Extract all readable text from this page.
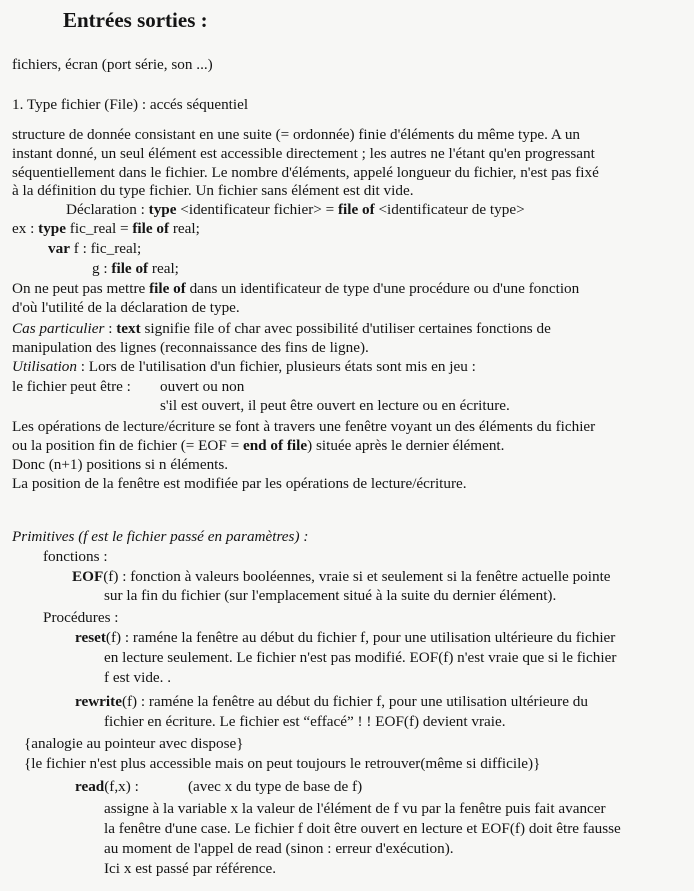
Entrées sorties :
fichiers, écran (port série, son ...)
1. Type fichier (File) : accés séquentiel
structure de donnée consistant en une suite (= ordonnée) finie d'éléments du même type. A un
instant donné, un seul élément est accessible directement ; les autres ne l'étant qu'en progressant
séquentiellement dans le fichier. Le nombre d'éléments, appelé longueur du fichier, n'est pas fixé
à la définition du type fichier. Un fichier sans élément est dit vide.
Déclaration : type <identificateur fichier> = file of <identificateur de type>
ex : type fic_real = file of real;
var f : fic_real;
g : file of real;
On ne peut pas mettre file of dans un identificateur de type d'une procédure ou d'une fonction
d'où l'utilité de la déclaration de type.
Cas particulier : text signifie file of char avec possibilité d'utiliser certaines fonctions de
manipulation des lignes (reconnaissance des fins de ligne).
Utilisation : Lors de l'utilisation d'un fichier, plusieurs états sont mis en jeu :
le fichier peut être : ouvert ou non
s'il est ouvert, il peut être ouvert en lecture ou en écriture.
Les opérations de lecture/écriture se font à travers une fenêtre voyant un des éléments du fichier
ou la position fin de fichier (= EOF = end of file) située après le dernier élément.
Donc (n+1) positions si n éléments.
La position de la fenêtre est modifiée par les opérations de lecture/écriture.
Primitives (f est le fichier passé en paramètres) :
fonctions :
EOF(f) : fonction à valeurs booléennes, vraie si et seulement si la fenêtre actuelle pointe
sur la fin du fichier (sur l'emplacement situé à la suite du dernier élément).
Procédures :
reset(f) : raméne la fenêtre au début du fichier f, pour une utilisation ultérieure du fichier
en lecture seulement. Le fichier n'est pas modifié. EOF(f) n'est vraie que si le fichier
f est vide. .
rewrite(f) : raméne la fenêtre au début du fichier f, pour une utilisation ultérieure du
fichier en écriture. Le fichier est “effacé” ! ! EOF(f) devient vraie.
{analogie au pointeur avec dispose}
{le fichier n'est plus accessible mais on peut toujours le retrouver(même si difficile)}
read(f,x) :	(avec x du type de base de f)
assigne à la variable x la valeur de l'élément de f vu par la fenêtre puis fait avancer
la fenêtre d'une case. Le fichier f doit être ouvert en lecture et EOF(f) doit être fausse
au moment de l'appel de read (sinon : erreur d'exécution).
Ici x est passé par référence.
